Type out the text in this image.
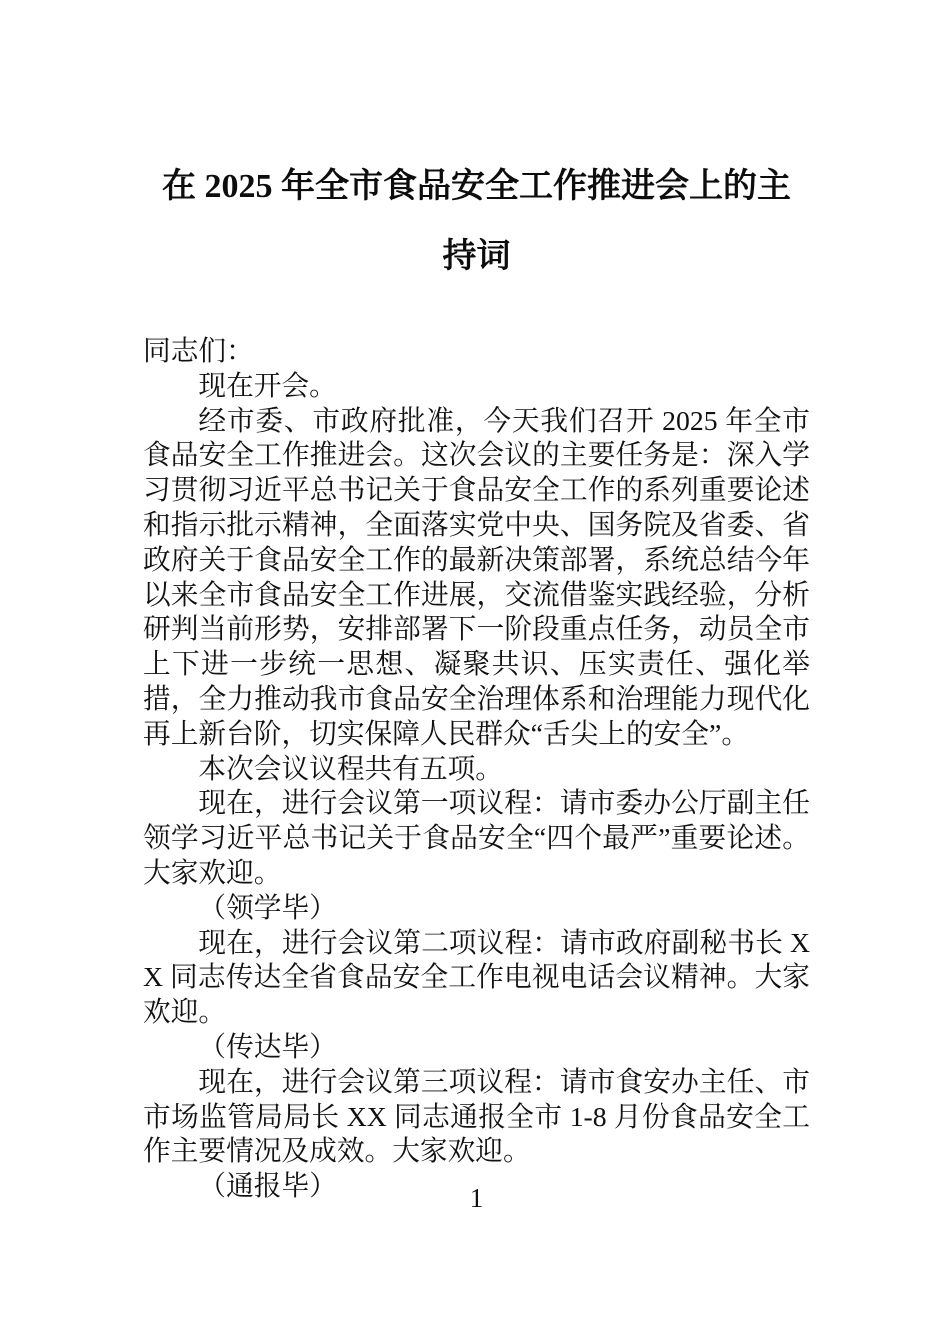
在 2025 年全市食品安全工作推进会上的主
持词

同志们：

现在开会。

经市委、市政府批准，今天我们召开 2025 年全市食品安全工作推进会。这次会议的主要任务是：深入学习贯彻习近平总书记关于食品安全工作的系列重要论述和指示批示精神，全面落实党中央、国务院及省委、省政府关于食品安全工作的最新决策部署，系统总结今年以来全市食品安全工作进展，交流借鉴实践经验，分析研判当前形势，安排部署下一阶段重点任务，动员全市上下进一步统一思想、凝聚共识、压实责任、强化举措，全力推动我市食品安全治理体系和治理能力现代化再上新台阶，切实保障人民群众“舌尖上的安全”。

本次会议议程共有五项。

现在，进行会议第一项议程：请市委办公厅副主任领学习近平总书记关于食品安全“四个最严”重要论述。大家欢迎。

（领学毕）

现在，进行会议第二项议程：请市政府副秘书长 XX 同志传达全省食品安全工作电视电话会议精神。大家欢迎。

（传达毕）

现在，进行会议第三项议程：请市食安办主任、市市场监管局局长 XX 同志通报全市 1-8 月份食品安全工作主要情况及成效。大家欢迎。

（通报毕）	1
